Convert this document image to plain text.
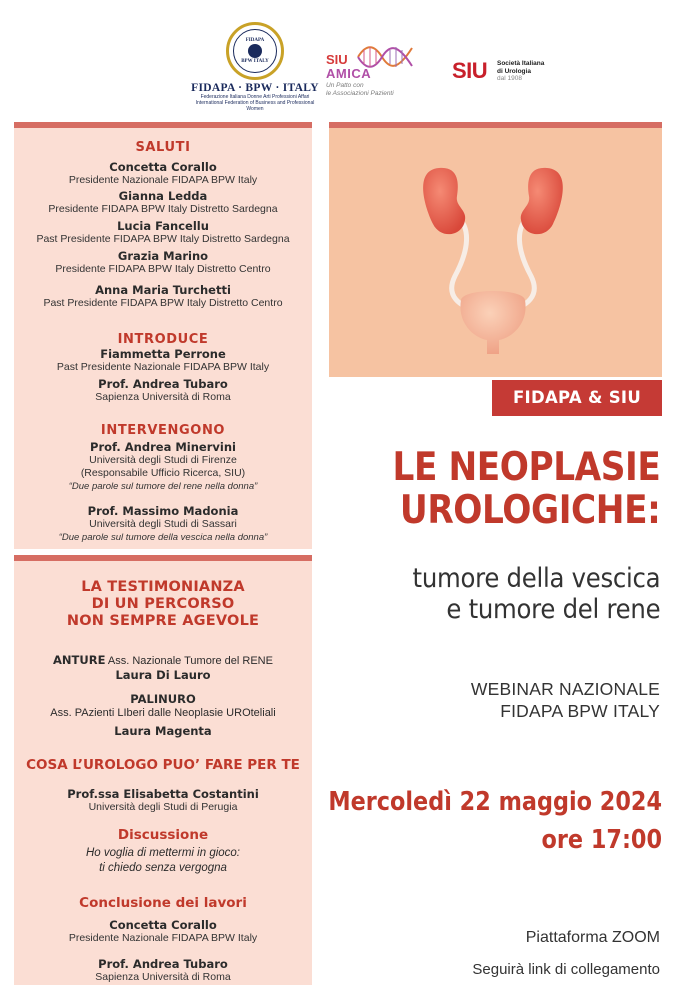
FIDAPA
BPW ITALY
FIDAPA · BPW · ITALY
Federazione Italiana Donne Arti Professioni Affari
International Federation of Business and Professional Women
SIU
AMICA
Un Patto con
le Associazioni Pazienti
SIU Società Italiana
di Urologia
dal 1908
SALUTI
Concetta Corallo
Presidente Nazionale FIDAPA BPW Italy
Gianna Ledda
Presidente FIDAPA BPW Italy Distretto Sardegna
Lucia Fancellu
Past Presidente FIDAPA BPW Italy Distretto Sardegna
Grazia Marino
Presidente FIDAPA BPW Italy Distretto Centro
Anna Maria Turchetti
Past Presidente FIDAPA BPW Italy Distretto Centro
INTRODUCE
Fiammetta Perrone
Past Presidente Nazionale FIDAPA BPW Italy
Prof. Andrea Tubaro
Sapienza Università di Roma
INTERVENGONO
Prof. Andrea Minervini
Università degli Studi di Firenze
(Responsabile Ufficio Ricerca, SIU)
“Due parole sul tumore del rene nella donna”
Prof. Massimo Madonia
Università degli Studi di Sassari
“Due parole sul tumore della vescica nella donna”
LA TESTIMONIANZA
DI UN PERCORSO
NON SEMPRE AGEVOLE
ANTURE Ass. Nazionale Tumore del RENE
Laura Di Lauro
PALINURO
Ass. PAzienti LIberi dalle Neoplasie UROteliali
Laura Magenta
COSA L’UROLOGO PUO’ FARE PER TE
Prof.ssa Elisabetta Costantini
Università degli Studi di Perugia
Discussione
Ho voglia di mettermi in gioco:
ti chiedo senza vergogna
Conclusione dei lavori
Concetta Corallo
Presidente Nazionale FIDAPA BPW Italy
Prof. Andrea Tubaro
Sapienza Università di Roma
FIDAPA & SIU
LE NEOPLASIE
UROLOGICHE:
tumore della vescica
e tumore del rene
WEBINAR NAZIONALE
FIDAPA BPW ITALY
Mercoledì 22 maggio 2024
ore 17:00
Piattaforma ZOOM
Seguirà link di collegamento
